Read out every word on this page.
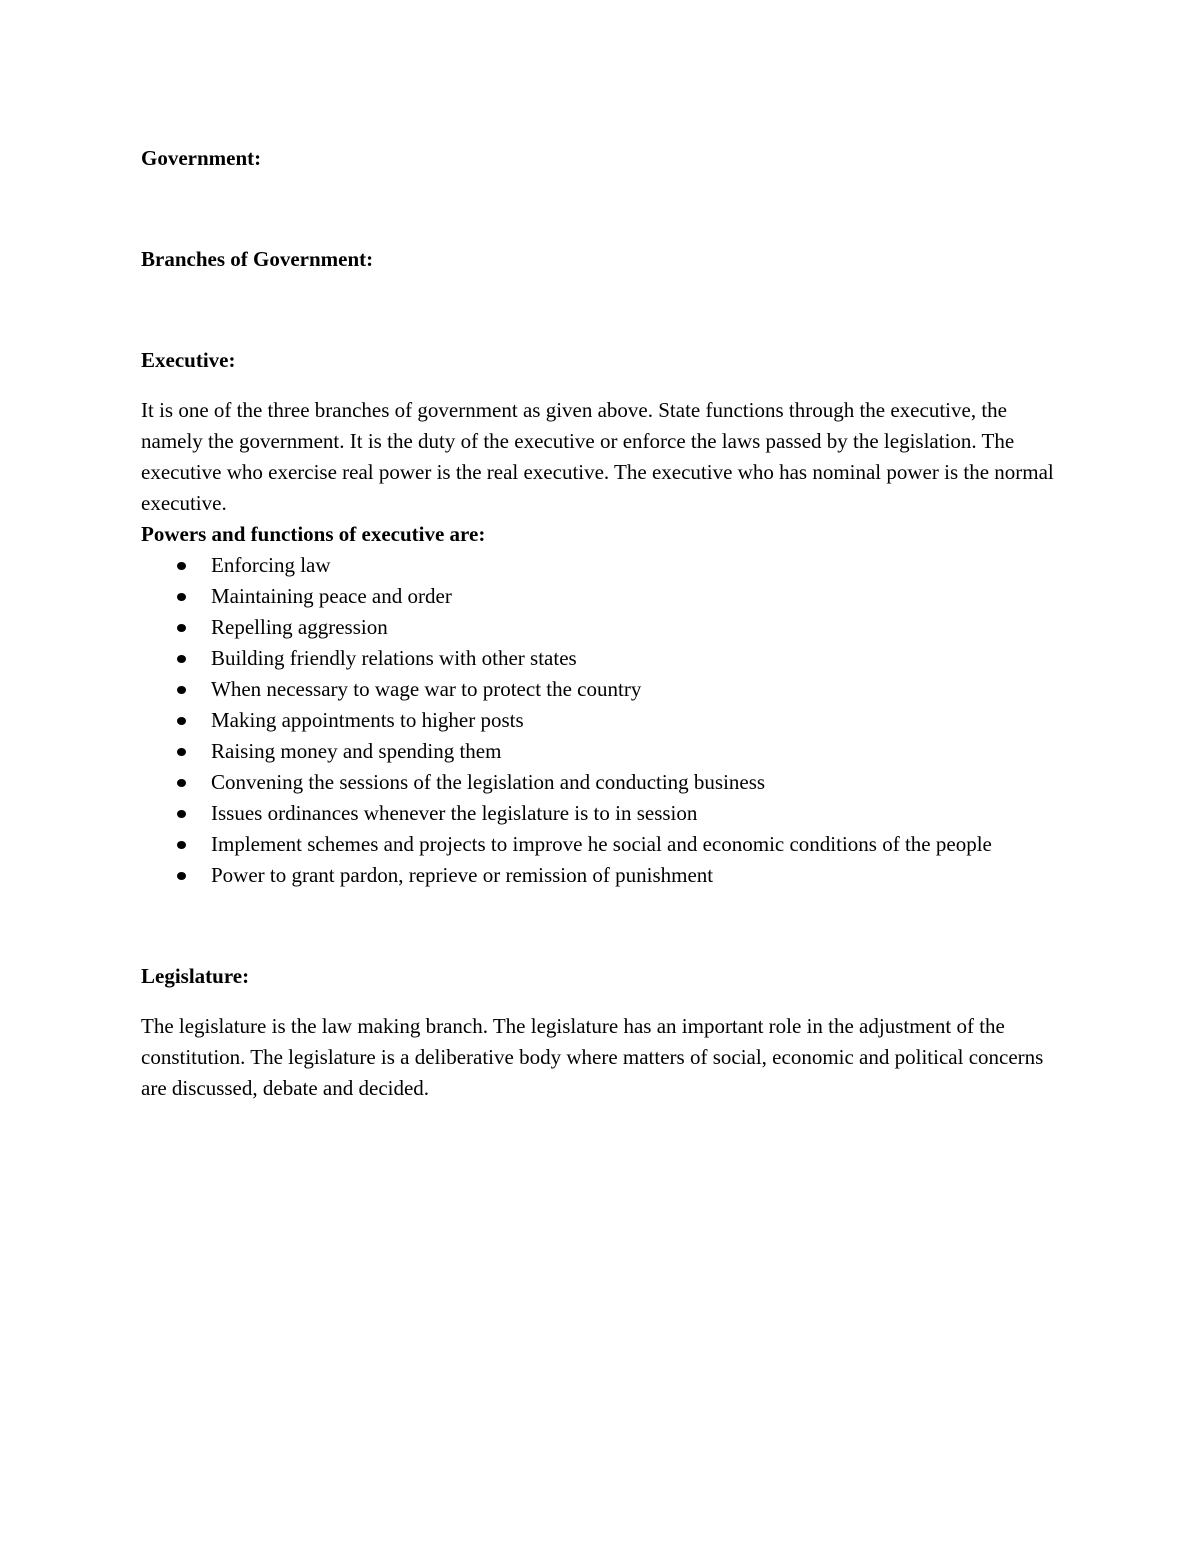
Government:

Branches of Government:

Executive:

It is one of the three branches of government as given above. State functions through the executive, the namely the government. It is the duty of the executive or enforce the laws passed by the legislation. The executive who exercise real power is the real executive. The executive who has nominal power is the normal executive.

Powers and functions of executive are:

Enforcing law
Maintaining peace and order
Repelling aggression
Building friendly relations with other states
When necessary to wage war to protect the country
Making appointments to higher posts
Raising money and spending them
Convening the sessions of the legislation and conducting business
Issues ordinances whenever the legislature is to in session
Implement schemes and projects to improve he social and economic conditions of the people
Power to grant pardon, reprieve or remission of punishment

Legislature:

The legislature is the law making branch. The legislature has an important role in the adjustment of the constitution. The legislature is a deliberative body where matters of social, economic and political concerns are discussed, debate and decided.
